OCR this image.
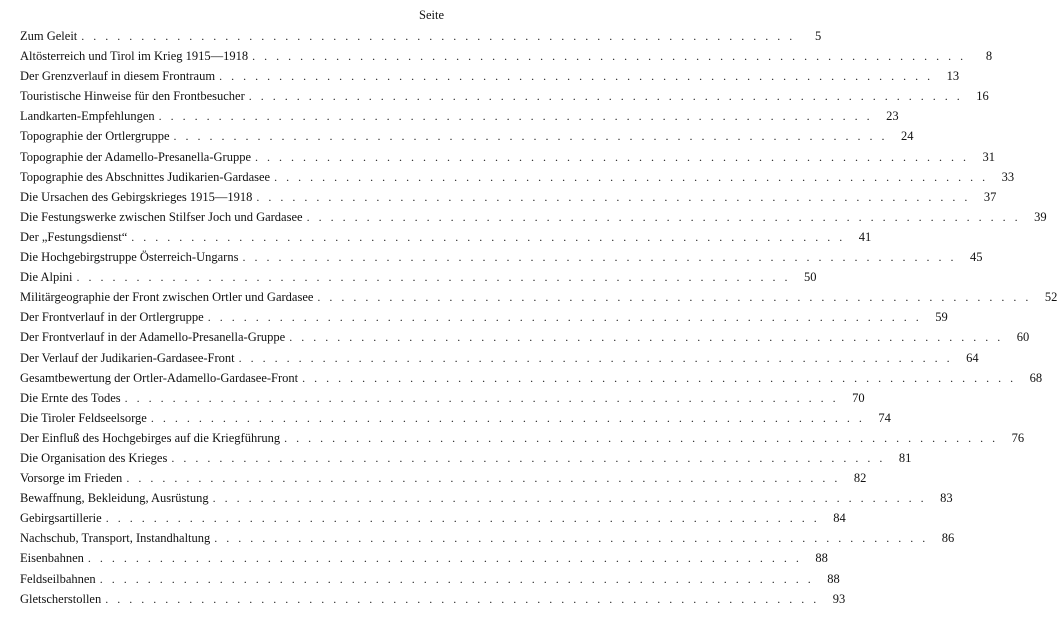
Seite
Zum Geleit ............................................................	5
Altösterreich und Tirol im Krieg 1915—1918 ............................................................	8
Der Grenzverlauf in diesem Frontraum ............................................................ 13
Touristische Hinweise für den Frontbesucher ............................................................ 16
Landkarten-Empfehlungen ............................................................ 23
Topographie der Ortlergruppe ............................................................ 24
Topographie der Adamello-Presanella-Gruppe ............................................................ 31
Topographie des Abschnittes Judikarien-Gardasee ............................................................ 33
Die Ursachen des Gebirgskrieges 1915—1918 ............................................................ 37
Die Festungswerke zwischen Stilfser Joch und Gardasee ............................................................ 39
Der „Festungsdienst“ ............................................................ 41
Die Hochgebirgstruppe Österreich-Ungarns ............................................................ 45
Die Alpini ............................................................ 50
Militärgeographie der Front zwischen Ortler und Gardasee ............................................................ 52
Der Frontverlauf in der Ortlergruppe ............................................................ 59
Der Frontverlauf in der Adamello-Presanella-Gruppe ............................................................ 60
Der Verlauf der Judikarien-Gardasee-Front ............................................................ 64
Gesamtbewertung der Ortler-Adamello-Gardasee-Front ............................................................ 68
Die Ernte des Todes ............................................................ 70
Die Tiroler Feldseelsorge ............................................................ 74
Der Einfluß des Hochgebirges auf die Kriegführung ............................................................ 76
Die Organisation des Krieges ............................................................ 81
Vorsorge im Frieden ............................................................ 82
Bewaffnung, Bekleidung, Ausrüstung ............................................................ 83
Gebirgsartillerie ............................................................ 84
Nachschub, Transport, Instandhaltung ............................................................ 86
Eisenbahnen ............................................................ 88
Feldseilbahnen ............................................................ 88
Gletscherstollen ............................................................ 93
